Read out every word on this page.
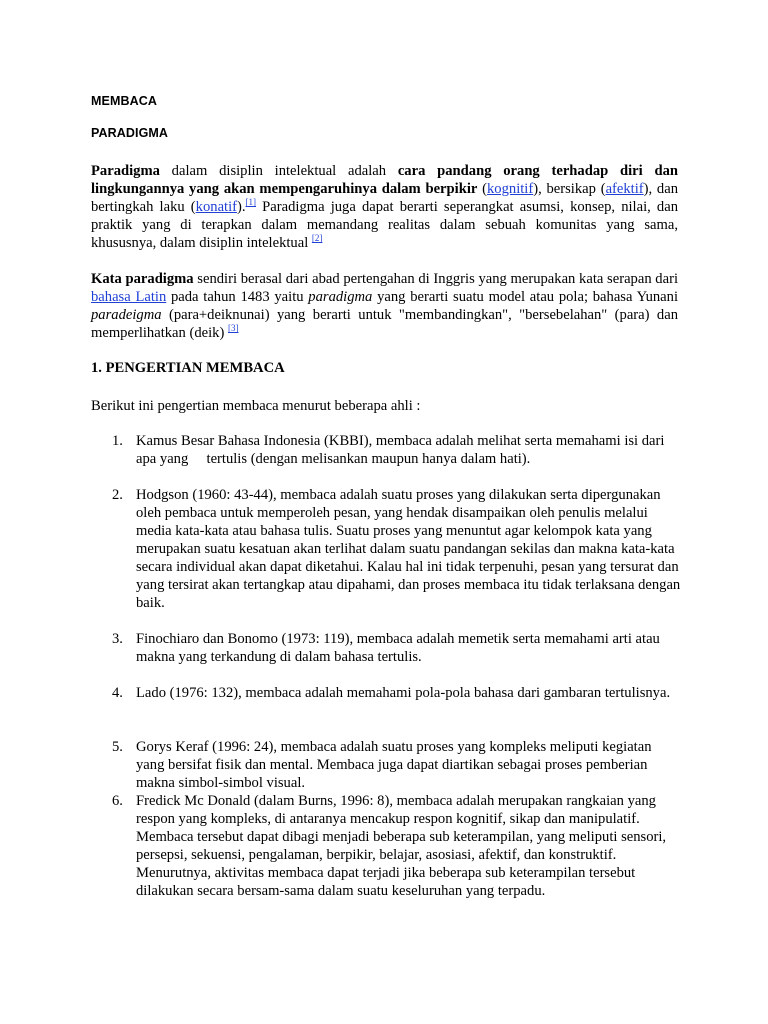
MEMBACA
PARADIGMA
Paradigma dalam disiplin intelektual adalah cara pandang orang terhadap diri dan lingkungannya yang akan mempengaruhinya dalam berpikir (kognitif), bersikap (afektif), dan bertingkah laku (konatif).[1] Paradigma juga dapat berarti seperangkat asumsi, konsep, nilai, dan praktik yang di terapkan dalam memandang realitas dalam sebuah komunitas yang sama, khususnya, dalam disiplin intelektual [2]
Kata paradigma sendiri berasal dari abad pertengahan di Inggris yang merupakan kata serapan dari bahasa Latin pada tahun 1483 yaitu paradigma yang berarti suatu model atau pola; bahasa Yunani paradeigma (para+deiknunai) yang berarti untuk "membandingkan", "bersebelahan" (para) dan memperlihatkan (deik) [3]
1. PENGERTIAN MEMBACA
Berikut ini pengertian membaca menurut beberapa ahli :
1. Kamus Besar Bahasa Indonesia (KBBI), membaca adalah melihat serta memahami isi dari apa yang     tertulis (dengan melisankan maupun hanya dalam hati).
2. Hodgson (1960: 43-44), membaca adalah suatu proses yang dilakukan serta dipergunakan oleh pembaca untuk memperoleh pesan, yang hendak disampaikan oleh penulis melalui media kata-kata atau bahasa tulis. Suatu proses yang menuntut agar kelompok kata yang merupakan suatu kesatuan akan terlihat dalam suatu pandangan sekilas dan makna kata-kata secara individual akan dapat diketahui. Kalau hal ini tidak terpenuhi, pesan yang tersurat dan yang tersirat akan tertangkap atau dipahami, dan proses membaca itu tidak terlaksana dengan baik.
3. Finochiaro dan Bonomo (1973: 119), membaca adalah memetik serta memahami arti atau makna yang terkandung di dalam bahasa tertulis.
4. Lado (1976: 132), membaca adalah memahami pola-pola bahasa dari gambaran tertulisnya.
5. Gorys Keraf (1996: 24), membaca adalah suatu proses yang kompleks meliputi kegiatan yang bersifat fisik dan mental. Membaca juga dapat diartikan sebagai proses pemberian makna simbol-simbol visual.
6. Fredick Mc Donald (dalam Burns, 1996: 8), membaca adalah merupakan rangkaian yang respon yang kompleks, di antaranya mencakup respon kognitif, sikap dan manipulatif. Membaca tersebut dapat dibagi menjadi beberapa sub keterampilan, yang meliputi sensori, persepsi, sekuensi, pengalaman, berpikir, belajar, asosiasi, afektif, dan konstruktif. Menurutnya, aktivitas membaca dapat terjadi jika beberapa sub keterampilan tersebut dilakukan secara bersam-sama dalam suatu keseluruhan yang terpadu.
